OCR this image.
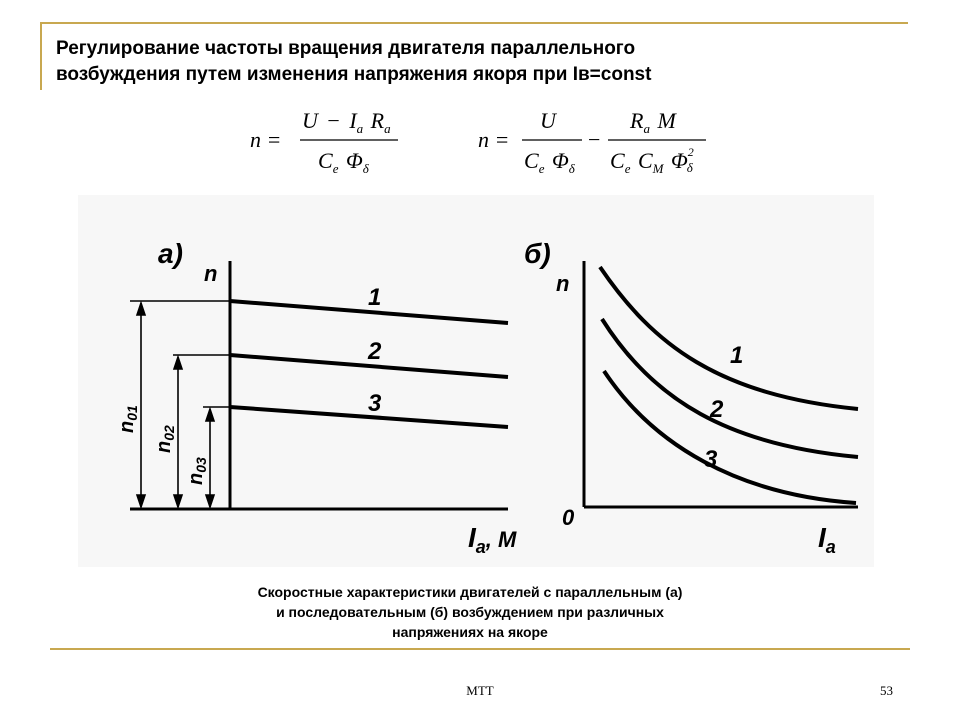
Регулирование частоты вращения двигателя параллельного
возбуждения путем изменения напряжения якоря при Iв=const
n =
$U - I_a$ $R_a$
$C_e$ $\Phi_\delta$
n =
U
$C_e$ $\Phi_\delta$
−
$R_a$ M
$C_e$ $C_M$ $\Phi^2$ δ
а)
n
$I_a^{, M}$
1
2
3
$n_{01}$
$n_{02}$
$n_{03}$
б)
n
0
$I_a$
1
2
3
Скоростные характеристики двигателей с параллельным (а)
и последовательным (б) возбуждением при различных
напряжениях на якоре
МТТ	53
